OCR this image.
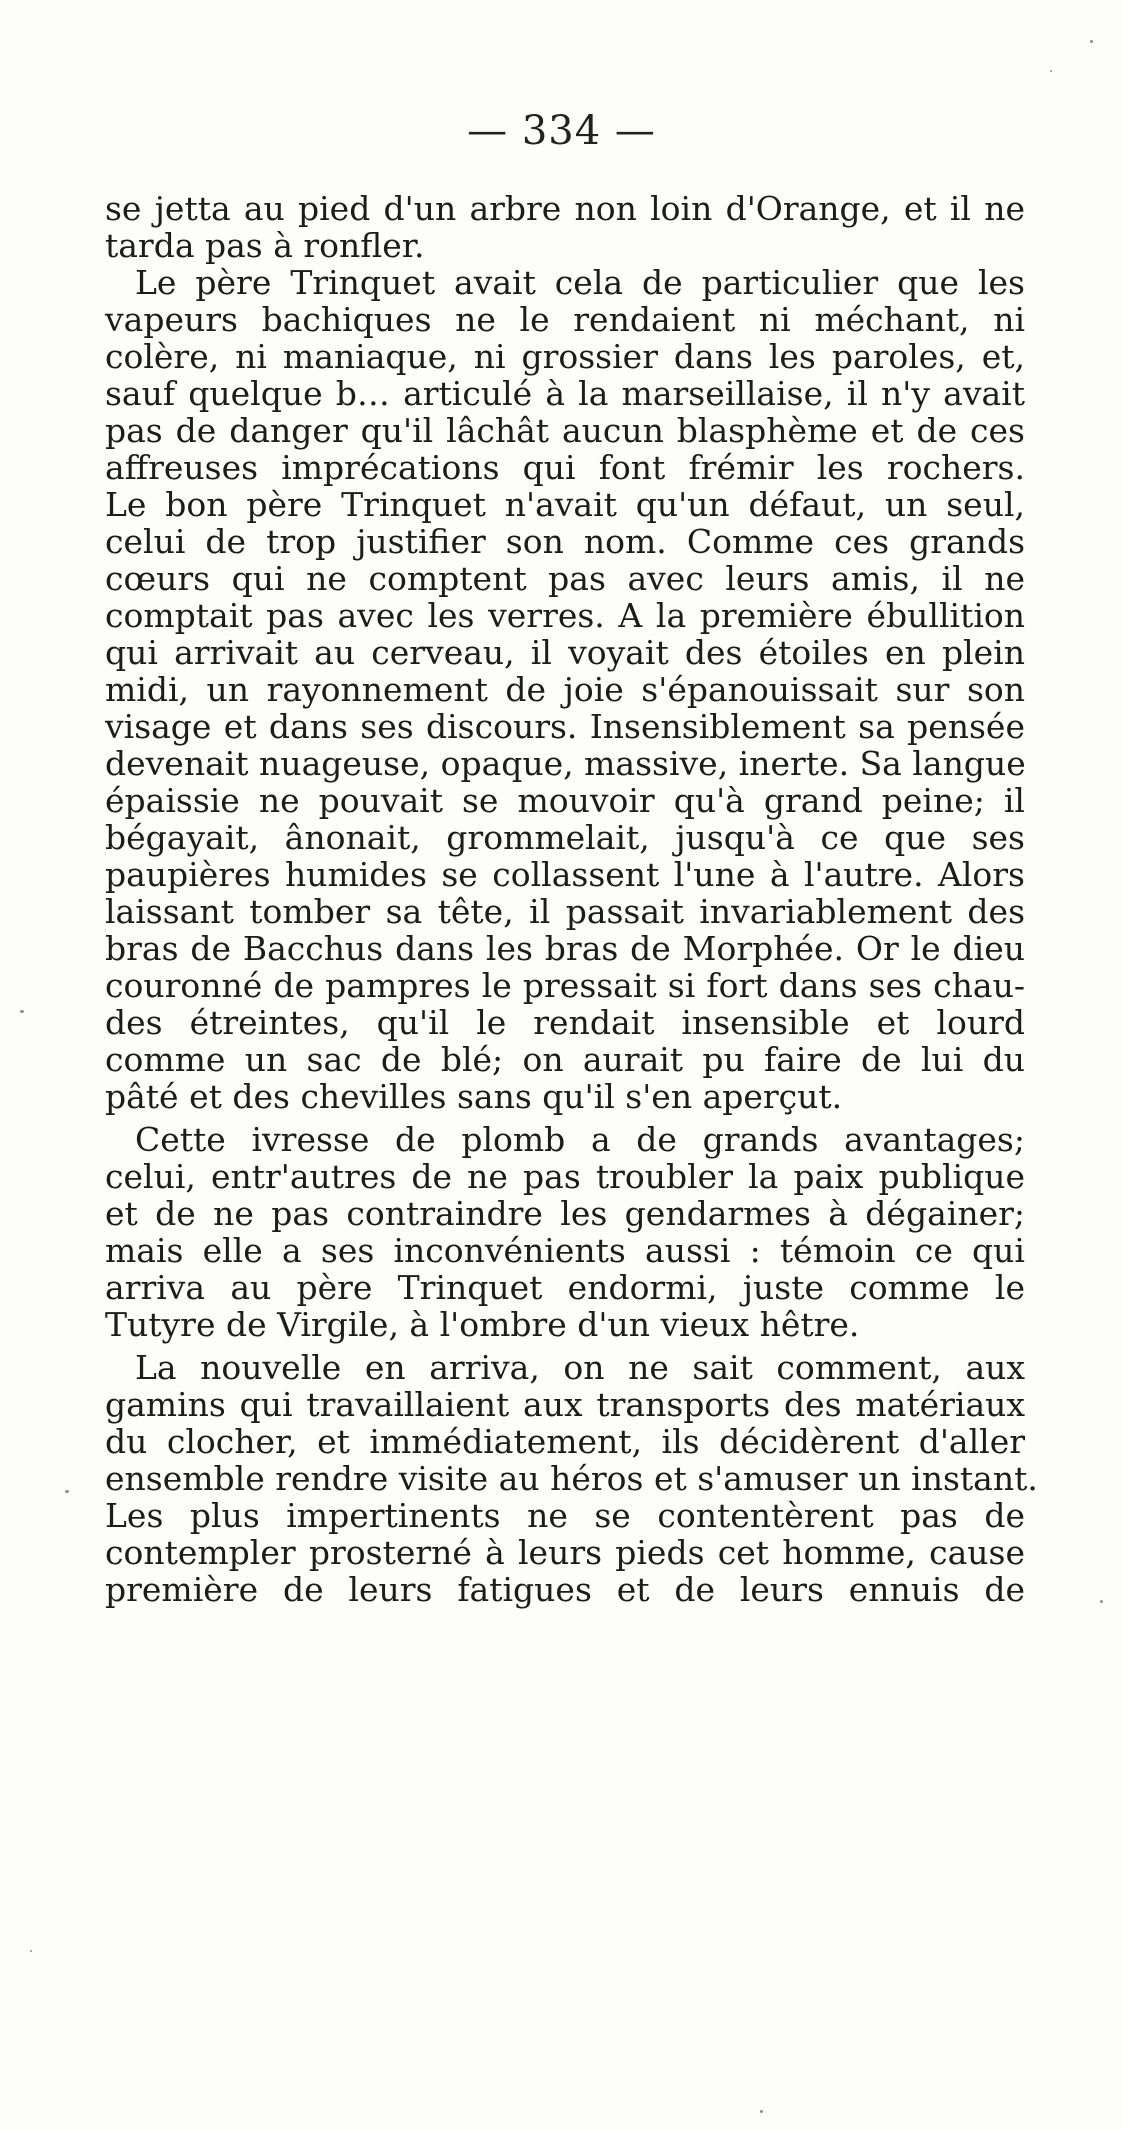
— 334 —
se jetta au pied d'un arbre non loin d'Orange, et il ne
tarda pas à ronfler.
Le père Trinquet avait cela de particulier que les
vapeurs bachiques ne le rendaient ni méchant, ni
colère, ni maniaque, ni grossier dans les paroles, et,
sauf quelque b… articulé à la marseillaise, il n'y avait
pas de danger qu'il lâchât aucun blasphème et de ces
affreuses imprécations qui font frémir les rochers.
Le bon père Trinquet n'avait qu'un défaut, un seul,
celui de trop justifier son nom. Comme ces grands
cœurs qui ne comptent pas avec leurs amis, il ne
comptait pas avec les verres. A la première ébullition
qui arrivait au cerveau, il voyait des étoiles en plein
midi, un rayonnement de joie s'épanouissait sur son
visage et dans ses discours. Insensiblement sa pensée
devenait nuageuse, opaque, massive, inerte. Sa langue
épaissie ne pouvait se mouvoir qu'à grand peine; il
bégayait, ânonait, grommelait, jusqu'à ce que ses
paupières humides se collassent l'une à l'autre. Alors
laissant tomber sa tête, il passait invariablement des
bras de Bacchus dans les bras de Morphée. Or le dieu
couronné de pampres le pressait si fort dans ses chau-
des étreintes, qu'il le rendait insensible et lourd
comme un sac de blé; on aurait pu faire de lui du
pâté et des chevilles sans qu'il s'en aperçut.
Cette ivresse de plomb a de grands avantages;
celui, entr'autres de ne pas troubler la paix publique
et de ne pas contraindre les gendarmes à dégainer;
mais elle a ses inconvénients aussi : témoin ce qui
arriva au père Trinquet endormi, juste comme le
Tutyre de Virgile, à l'ombre d'un vieux hêtre.
La nouvelle en arriva, on ne sait comment, aux
gamins qui travaillaient aux transports des matériaux
du clocher, et immédiatement, ils décidèrent d'aller
ensemble rendre visite au héros et s'amuser un instant.
Les plus impertinents ne se contentèrent pas de
contempler prosterné à leurs pieds cet homme, cause
première de leurs fatigues et de leurs ennuis de
